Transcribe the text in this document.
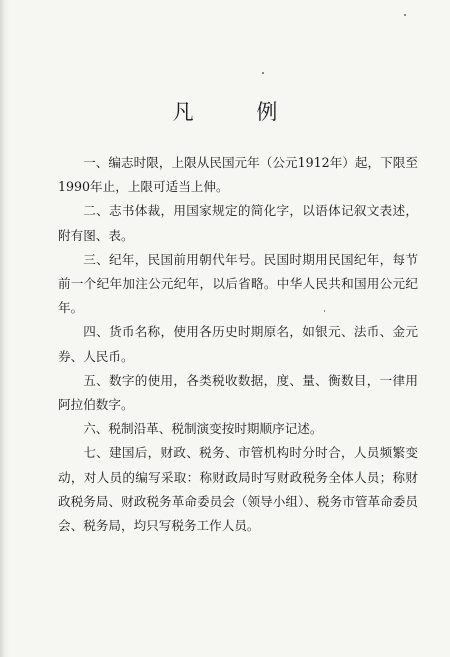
凡 例

一、编志时限，上限从民国元年（公元1912年）起，下限至1990年止，上限可适当上伸。

二、志书体裁，用国家规定的简化字，以语体记叙文表述，附有图、表。

三、纪年，民国前用朝代年号。民国时期用民国纪年，每节前一个纪年加注公元纪年，以后省略。中华人民共和国用公元纪年。

四、货币名称，使用各历史时期原名，如银元、法币、金元券、人民币。

五、数字的使用，各类税收数据，度、量、衡数目，一律用阿拉伯数字。

六、税制沿革、税制演变按时期顺序记述。

七、建国后，财政、税务、市管机构时分时合，人员频繁变动，对人员的编写采取：称财政局时写财政税务全体人员；称财政税务局、财政税务革命委员会（领导小组）、税务市管革命委员会、税务局，均只写税务工作人员。
